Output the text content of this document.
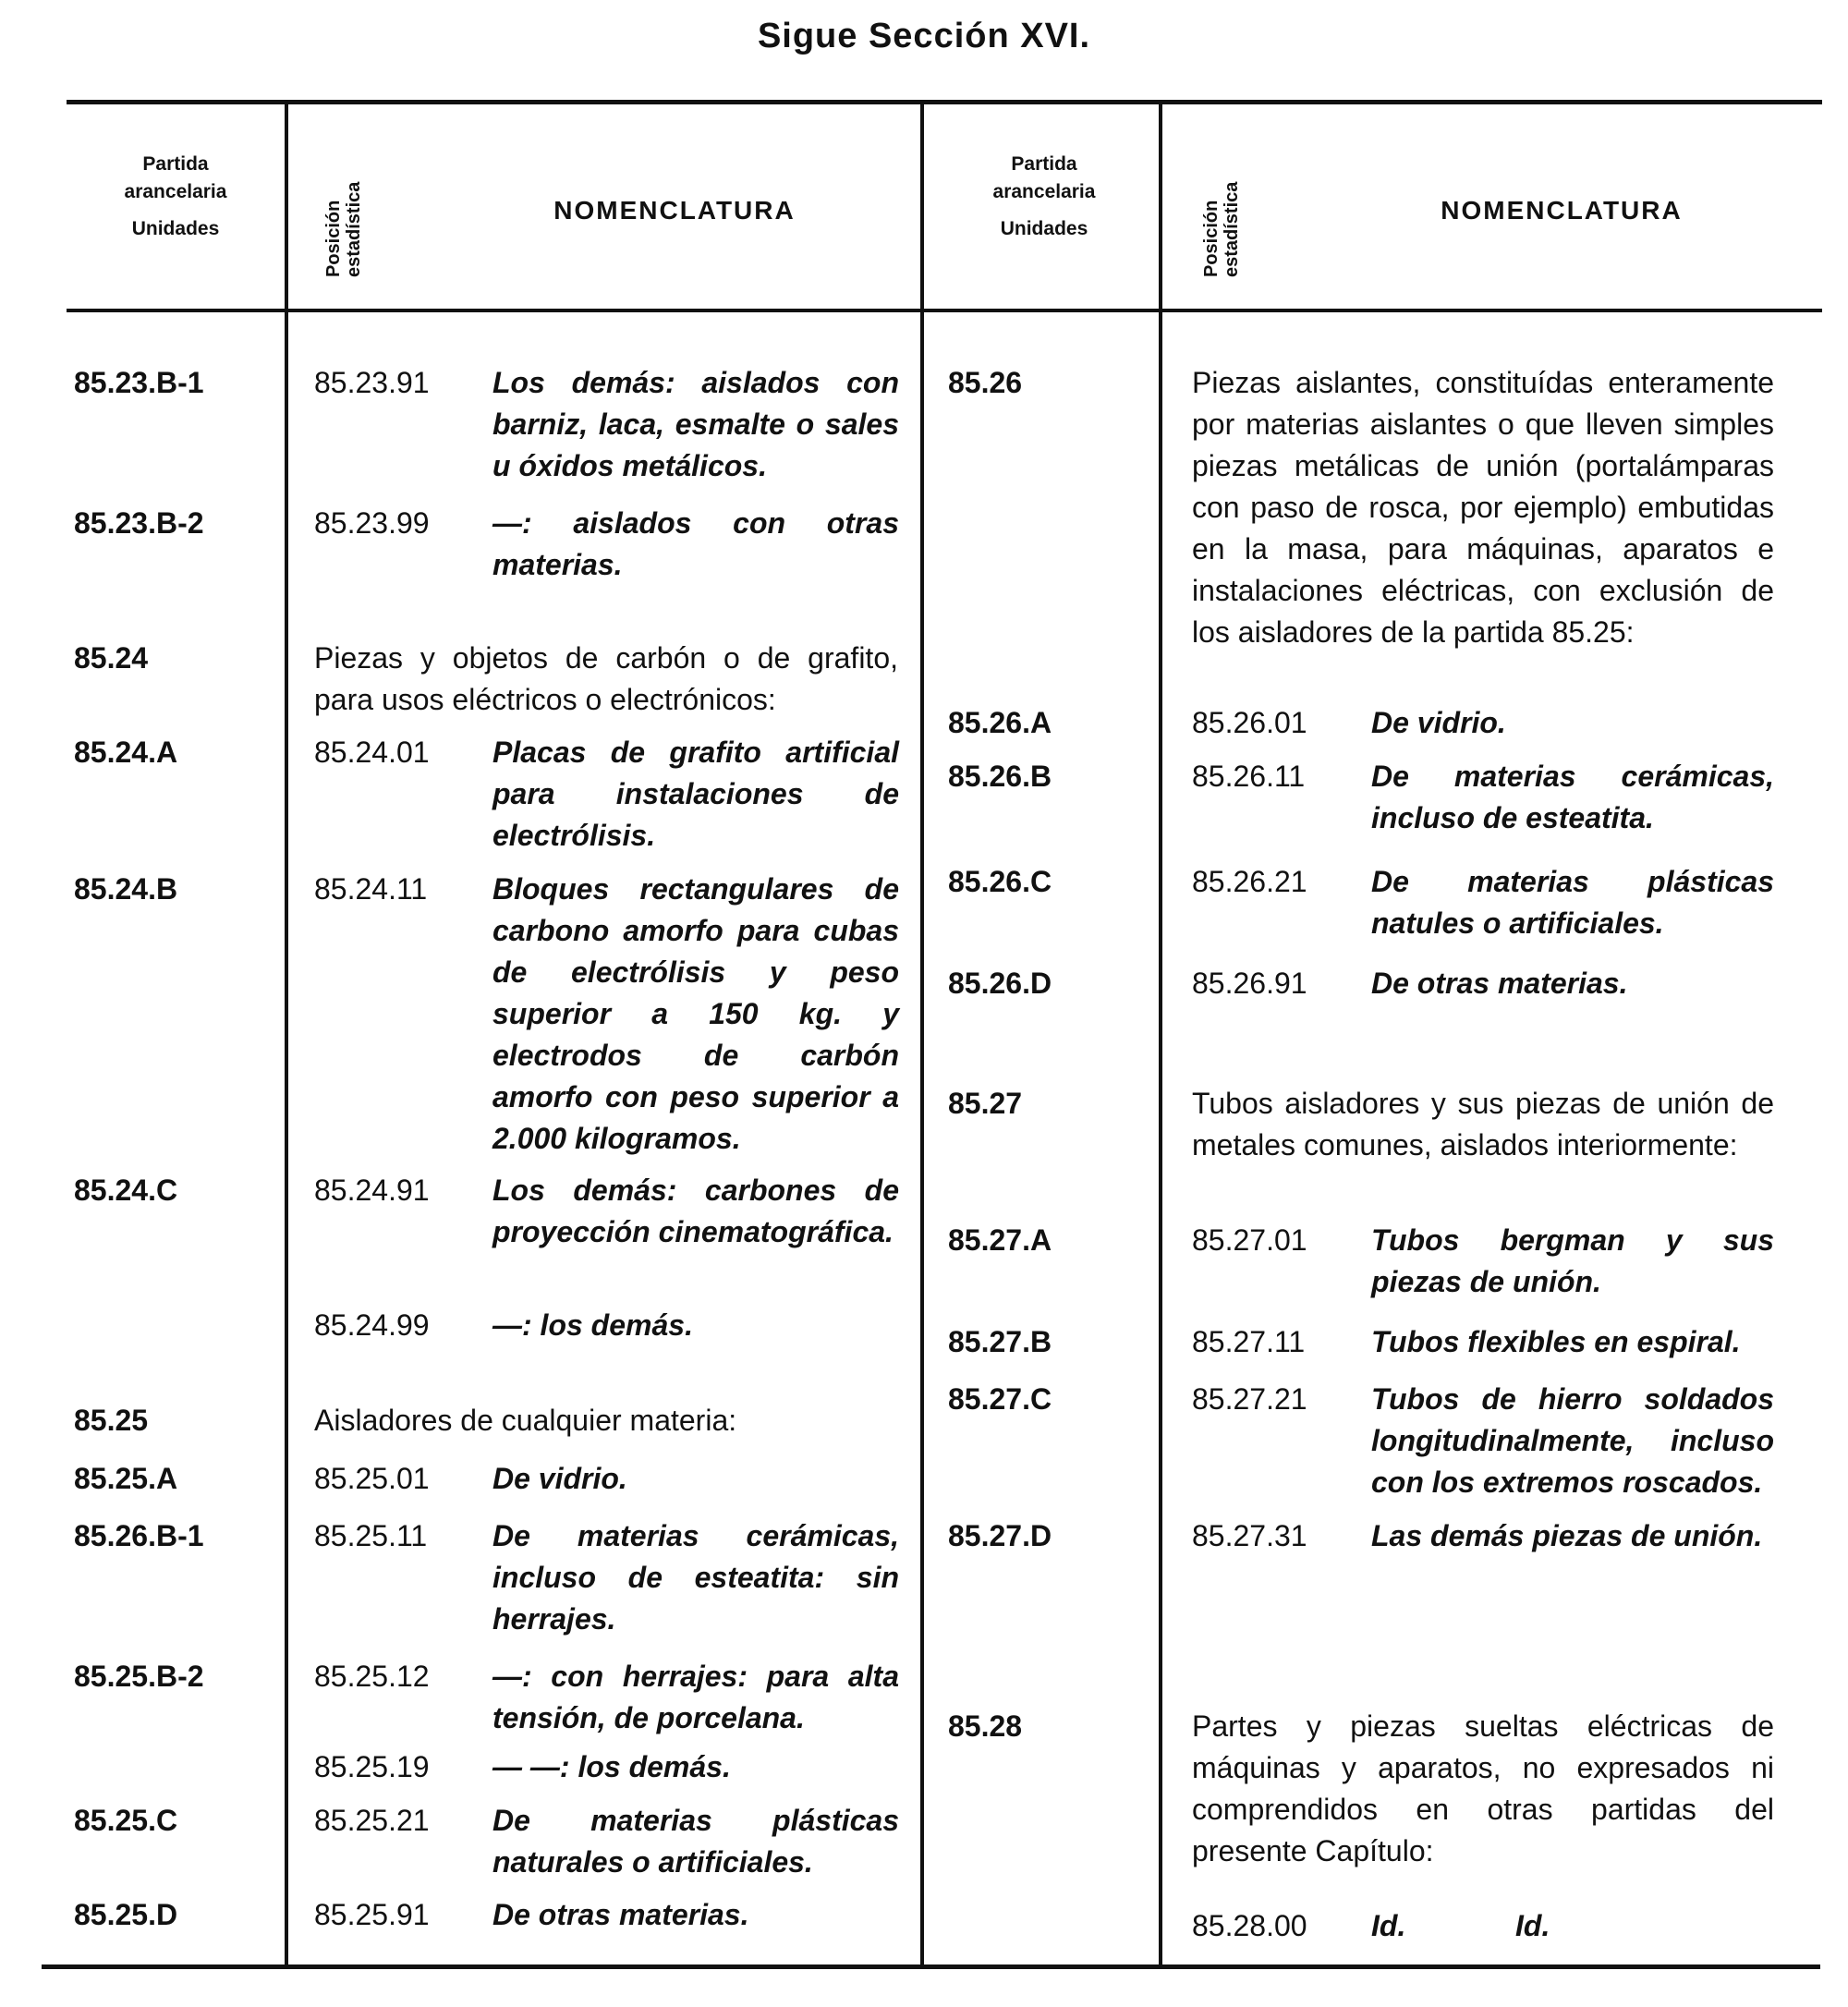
Sigue Sección XVI.
Partida
arancelaria
Unidades	Posición estadística	NOMENCLATURA
Partida
arancelaria
Unidades	Posición estadística	NOMENCLATURA
85.23.B-1	85.23.91 Los demás: aislados con barniz, laca, esmalte o sales u óxidos metálicos.
85.23.B-2	85.23.99 —: aislados con otras materias.
85.24	Piezas y objetos de carbón o de grafito, para usos eléctricos o electrónicos:
85.24.A	85.24.01 Placas de grafito artificial para instalaciones de electrólisis.
85.24.B	85.24.11 Bloques rectangulares de carbono amorfo para cubas de electrólisis y peso superior a 150 kg. y electrodos de carbón amorfo con peso superior a 2.000 kilogramos.
85.24.C	85.24.91 Los demás: carbones de proyección cinematográfica.
85.24.99 —: los demás.
85.25	Aisladores de cualquier materia:
85.25.A	85.25.01 De vidrio.
85.26.B-1	85.25.11 De materias cerámicas, incluso de esteatita: sin herrajes.
85.25.B-2	85.25.12 —: con herrajes: para alta tensión, de porcelana.
85.25.19 — —: los demás.
85.25.C	85.25.21 De materias plásticas naturales o artificiales.
85.25.D	85.25.91 De otras materias.
85.26	Piezas aislantes, constituídas enteramente por materias aislantes o que lleven simples piezas metálicas de unión (portalámparas con paso de rosca, por ejemplo) embutidas en la masa, para máquinas, aparatos e instalaciones eléctricas, con exclusión de los aisladores de la partida 85.25:
85.26.A	85.26.01 De vidrio.
85.26.B	85.26.11 De materias cerámicas, incluso de esteatita.
85.26.C	85.26.21 De materias plásticas natules o artificiales.
85.26.D	85.26.91 De otras materias.
85.27	Tubos aisladores y sus piezas de unión de metales comunes, aislados interiormente:
85.27.A	85.27.01 Tubos bergman y sus piezas de unión.
85.27.B	85.27.11 Tubos flexibles en espiral.
85.27.C	85.27.21 Tubos de hierro soldados longitudinalmente, incluso con los extremos roscados.
85.27.D	85.27.31 Las demás piezas de unión.
85.28	Partes y piezas sueltas eléctricas de máquinas y aparatos, no expresados ni comprendidos en otras partidas del presente Capítulo:
85.28.00 Id.	Id.
